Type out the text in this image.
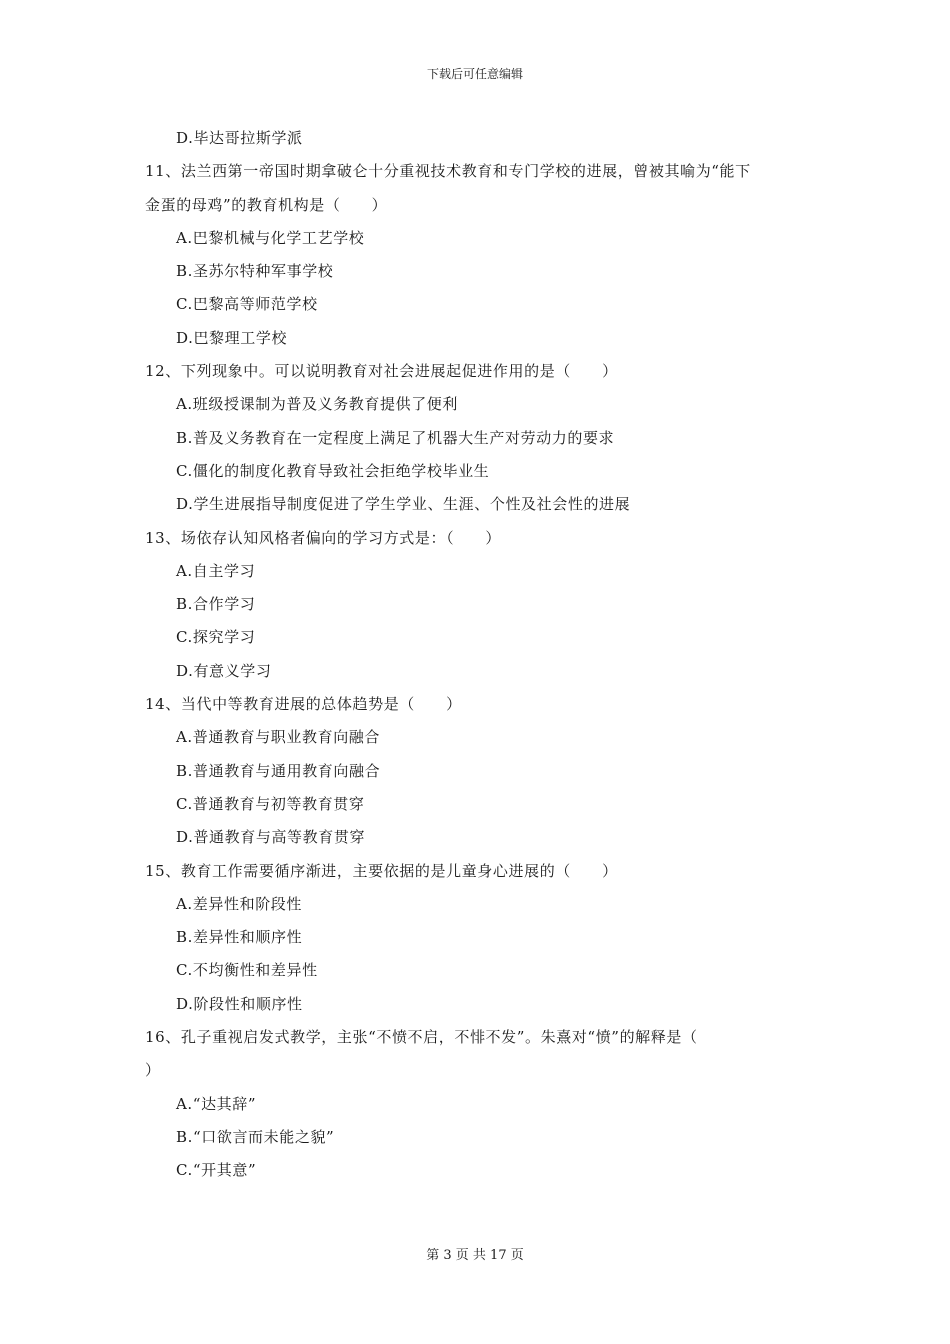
下载后可任意编辑
D.毕达哥拉斯学派
11、法兰西第一帝国时期拿破仑十分重视技术教育和专门学校的进展，曾被其喻为“能下
金蛋的母鸡”的教育机构是（　　）
A.巴黎机械与化学工艺学校
B.圣苏尔特种军事学校
C.巴黎高等师范学校
D.巴黎理工学校
12、下列现象中。可以说明教育对社会进展起促进作用的是（　　）
A.班级授课制为普及义务教育提供了便利
B.普及义务教育在一定程度上满足了机器大生产对劳动力的要求
C.僵化的制度化教育导致社会拒绝学校毕业生
D.学生进展指导制度促进了学生学业、生涯、个性及社会性的进展
13、场依存认知风格者偏向的学习方式是：（　　）
A.自主学习
B.合作学习
C.探究学习
D.有意义学习
14、当代中等教育进展的总体趋势是（　　）
A.普通教育与职业教育向融合
B.普通教育与通用教育向融合
C.普通教育与初等教育贯穿
D.普通教育与高等教育贯穿
15、教育工作需要循序渐进，主要依据的是儿童身心进展的（　　）
A.差异性和阶段性
B.差异性和顺序性
C.不均衡性和差异性
D.阶段性和顺序性
16、孔子重视启发式教学，主张“不愤不启，不悱不发”。朱熹对“愤”的解释是（
）
A.“达其辞”
B.“口欲言而未能之貌”
C.“开其意”
第 3 页 共 17 页
